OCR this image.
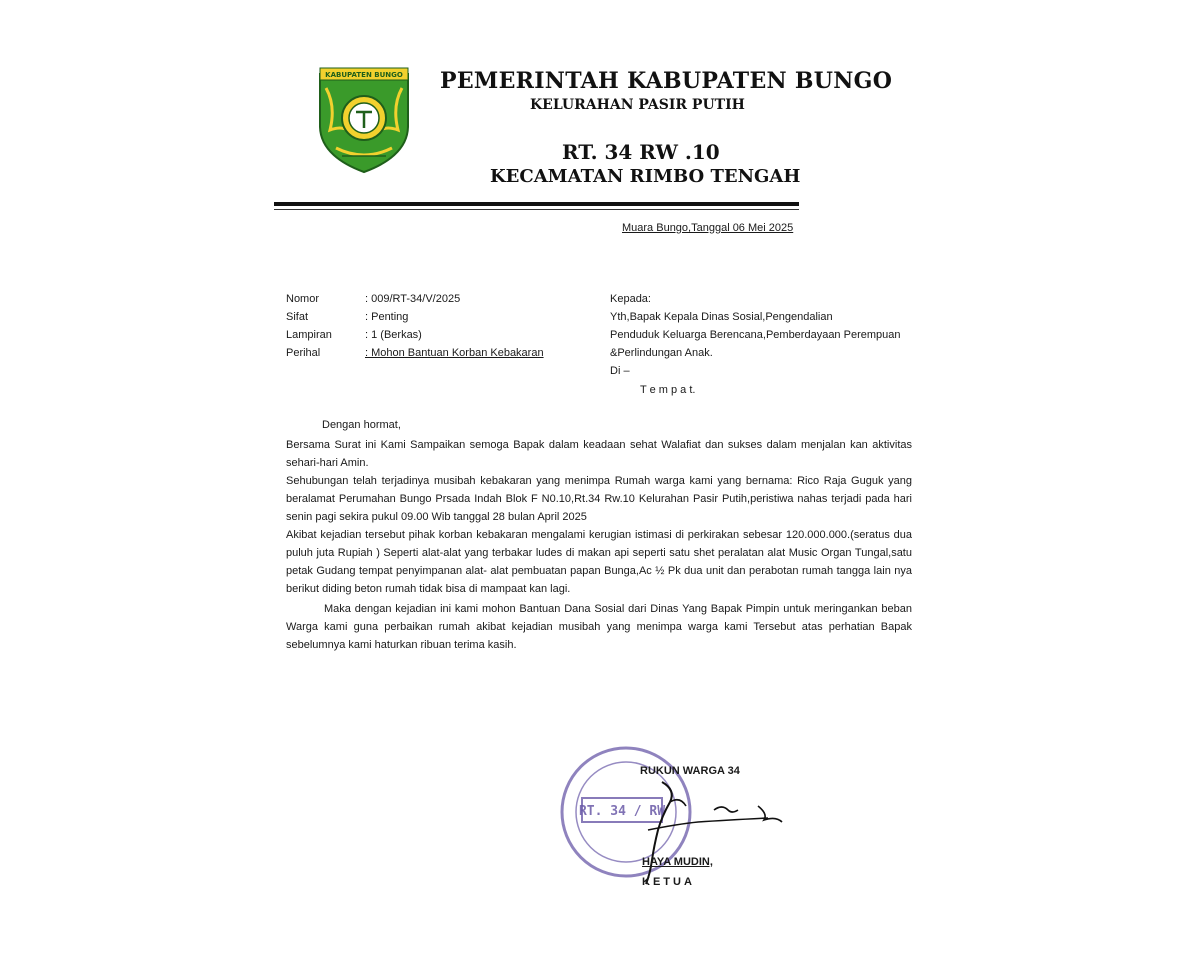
KABUPATEN BUNGO PEMERINTAH KABUPATEN BUNGO
KELURAHAN PASIR PUTIH
RT. 34 RW .10
KECAMATAN RIMBO TENGAH
Muara Bungo,Tanggal 06 Mei 2025
Nomor	: 009/RT-34/V/2025
Sifat	: Penting
Lampiran	: 1 (Berkas)
Perihal	: Mohon Bantuan Korban Kebakaran
Kepada:
Yth,Bapak Kepala Dinas Sosial,Pengendalian
Penduduk Keluarga Berencana,Pemberdayaan Perempuan
&Perlindungan Anak.
Di –
T e m p a t.
Dengan hormat,

Bersama Surat ini Kami Sampaikan semoga Bapak dalam keadaan sehat Walafiat dan sukses dalam menjalan kan aktivitas sehari-hari Amin.

Sehubungan telah terjadinya musibah kebakaran yang menimpa Rumah warga kami yang bernama: Rico Raja Guguk yang beralamat Perumahan Bungo Prsada Indah Blok F N0.10,Rt.34 Rw.10 Kelurahan Pasir Putih,peristiwa nahas terjadi pada hari senin pagi sekira pukul 09.00 Wib tanggal 28 bulan April 2025

Akibat kejadian tersebut pihak korban kebakaran mengalami kerugian istimasi di perkirakan sebesar 120.000.000.(seratus dua puluh juta Rupiah ) Seperti alat-alat yang terbakar ludes di makan api seperti satu shet peralatan alat Music Organ Tungal,satu petak Gudang tempat penyimpanan alat- alat pembuatan papan Bunga,Ac ½ Pk dua unit dan perabotan rumah tangga lain nya berikut diding beton rumah tidak bisa di mampaat kan lagi.

Maka dengan kejadian ini kami mohon Bantuan Dana Sosial dari Dinas Yang Bapak Pimpin untuk meringankan beban Warga kami guna perbaikan rumah akibat kejadian musibah yang menimpa warga kami Tersebut atas perhatian Bapak sebelumnya kami haturkan ribuan terima kasih.

RT. 34 / RW
RUKUN WARGA 34
HAYA MUDIN,
KETUA
